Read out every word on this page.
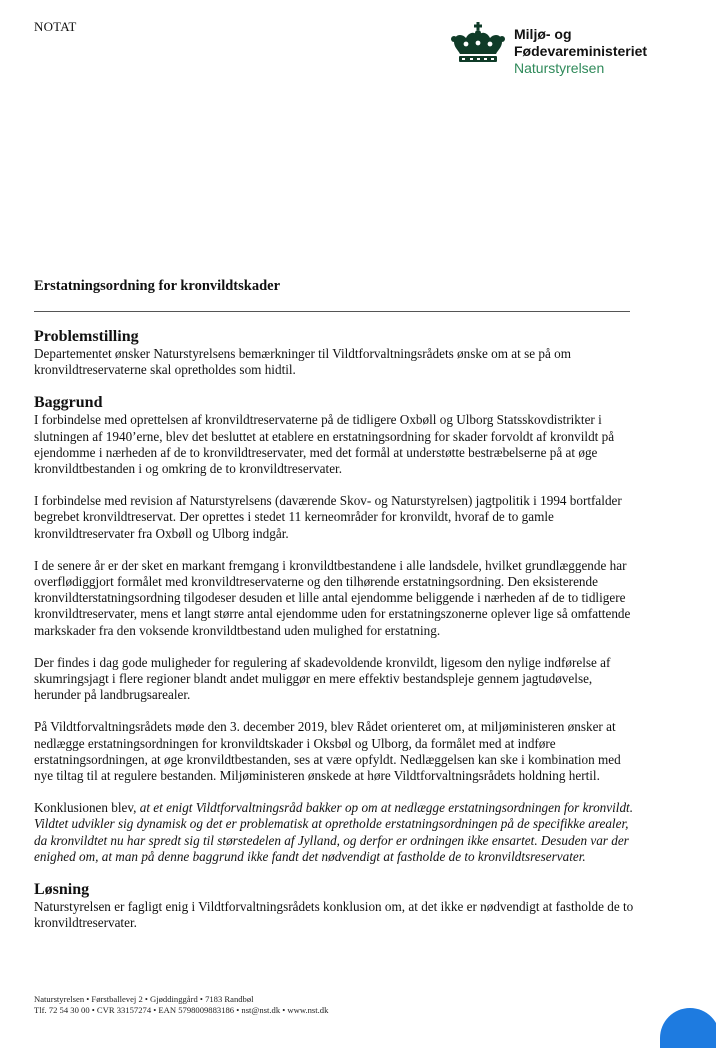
NOTAT	Miljø- og
Fødevareministeriet
Naturstyrelsen
Erstatningsordning for kronvildtskader
Problemstilling

Departementet ønsker Naturstyrelsens bemærkninger til Vildtforvaltningsrådets ønske om at se på om kronvildtreservaterne skal opretholdes som hidtil.

Baggrund

I forbindelse med oprettelsen af kronvildtreservaterne på de tidligere Oxbøll og Ulborg Statsskovdistrikter i slutningen af 1940’erne, blev det besluttet at etablere en erstatningsordning for skader forvoldt af kronvildt på ejendomme i nærheden af de to kronvildtreservater, med det formål at understøtte bestræbelserne på at øge kronvildtbestanden i og omkring de to kronvildtreservater.

I forbindelse med revision af Naturstyrelsens (daværende Skov- og Naturstyrelsen) jagtpolitik i 1994 bortfalder begrebet kronvildtreservat. Der oprettes i stedet 11 kerneområder for kronvildt, hvoraf de to gamle kronvildtreservater fra Oxbøll og Ulborg indgår.

I de senere år er der sket en markant fremgang i kronvildtbestandene i alle landsdele, hvilket grundlæggende har overflødiggjort formålet med kronvildtreservaterne og den tilhørende erstatningsordning. Den eksisterende kronvildterstatningsordning tilgodeser desuden et lille antal ejendomme beliggende i nærheden af de to tidligere kronvildtreservater, mens et langt større antal ejendomme uden for erstatningszonerne oplever lige så omfattende markskader fra den voksende kronvildtbestand uden mulighed for erstatning.

Der findes i dag gode muligheder for regulering af skadevoldende kronvildt, ligesom den nylige indførelse af skumringsjagt i flere regioner blandt andet muliggør en mere effektiv bestandspleje gennem jagtudøvelse, herunder på landbrugsarealer.

På Vildtforvaltningsrådets møde den 3. december 2019, blev Rådet orienteret om, at miljøministeren ønsker at nedlægge erstatningsordningen for kronvildtskader i Oksbøl og Ulborg, da formålet med at indføre erstatningsordningen, at øge kronvildtbestanden, ses at være opfyldt. Nedlæggelsen kan ske i kombination med nye tiltag til at regulere bestanden. Miljøministeren ønskede at høre Vildtforvaltningsrådets holdning hertil.

Konklusionen blev, at et enigt Vildtforvaltningsråd bakker op om at nedlægge erstatningsordningen for kronvildt. Vildtet udvikler sig dynamisk og det er problematisk at opretholde erstatningsordningen på de specifikke arealer, da kronvildtet nu har spredt sig til størstedelen af Jylland, og derfor er ordningen ikke ensartet. Desuden var der enighed om, at man på denne baggrund ikke fandt det nødvendigt at fastholde de to kronvildtsreservater.

Løsning

Naturstyrelsen er fagligt enig i Vildtforvaltningsrådets konklusion om, at det ikke er nødvendigt at fastholde de to kronvildtreservater.

Naturstyrelsen • Førstballevej 2 • Gjøddinggård • 7183 Randbøl
Tlf. 72 54 30 00 • CVR 33157274 • EAN 5798009883186 • nst@nst.dk • www.nst.dk
